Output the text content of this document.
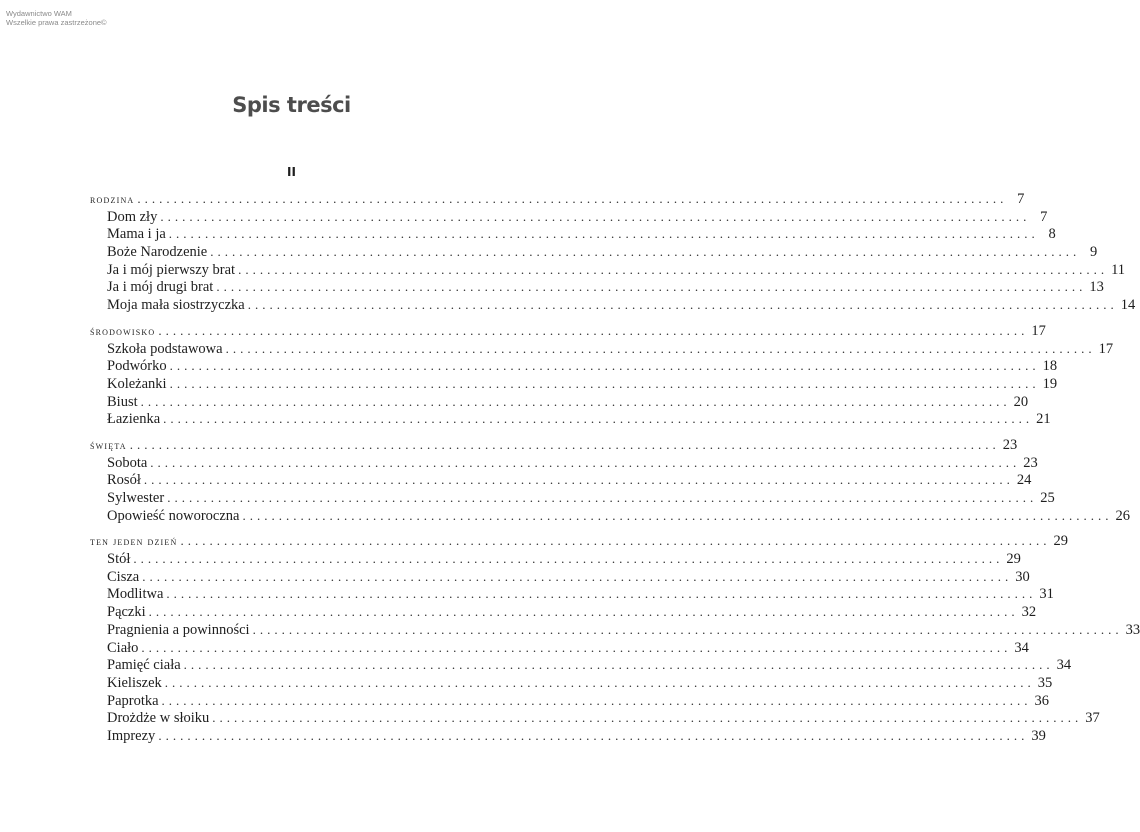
Wydawnictwo WAM
Wszelkie prawa zastrzeżone©
Spis treści
II
rodzina ........................................................................................................................ 7
Dom zły ........................................................................................................................ 7
Mama i ja ........................................................................................................................ 8
Boże Narodzenie ........................................................................................................................ 9
Ja i mój pierwszy brat ........................................................................................................................ 11
Ja i mój drugi brat ........................................................................................................................ 13
Moja mała siostrzyczka ........................................................................................................................ 14
środowisko ........................................................................................................................ 17
Szkoła podstawowa ........................................................................................................................ 17
Podwórko ........................................................................................................................ 18
Koleżanki ........................................................................................................................ 19
Biust ........................................................................................................................ 20
Łazienka ........................................................................................................................ 21
święta ........................................................................................................................ 23
Sobota ........................................................................................................................ 23
Rosół ........................................................................................................................ 24
Sylwester ........................................................................................................................ 25
Opowieść noworoczna ........................................................................................................................ 26
ten jeden dzień ........................................................................................................................ 29
Stół ........................................................................................................................ 29
Cisza ........................................................................................................................ 30
Modlitwa ........................................................................................................................ 31
Pączki ........................................................................................................................ 32
Pragnienia a powinności ........................................................................................................................ 33
Ciało ........................................................................................................................ 34
Pamięć ciała ........................................................................................................................ 34
Kieliszek ........................................................................................................................ 35
Paprotka ........................................................................................................................ 36
Drożdże w słoiku ........................................................................................................................ 37
Imprezy ........................................................................................................................ 39
